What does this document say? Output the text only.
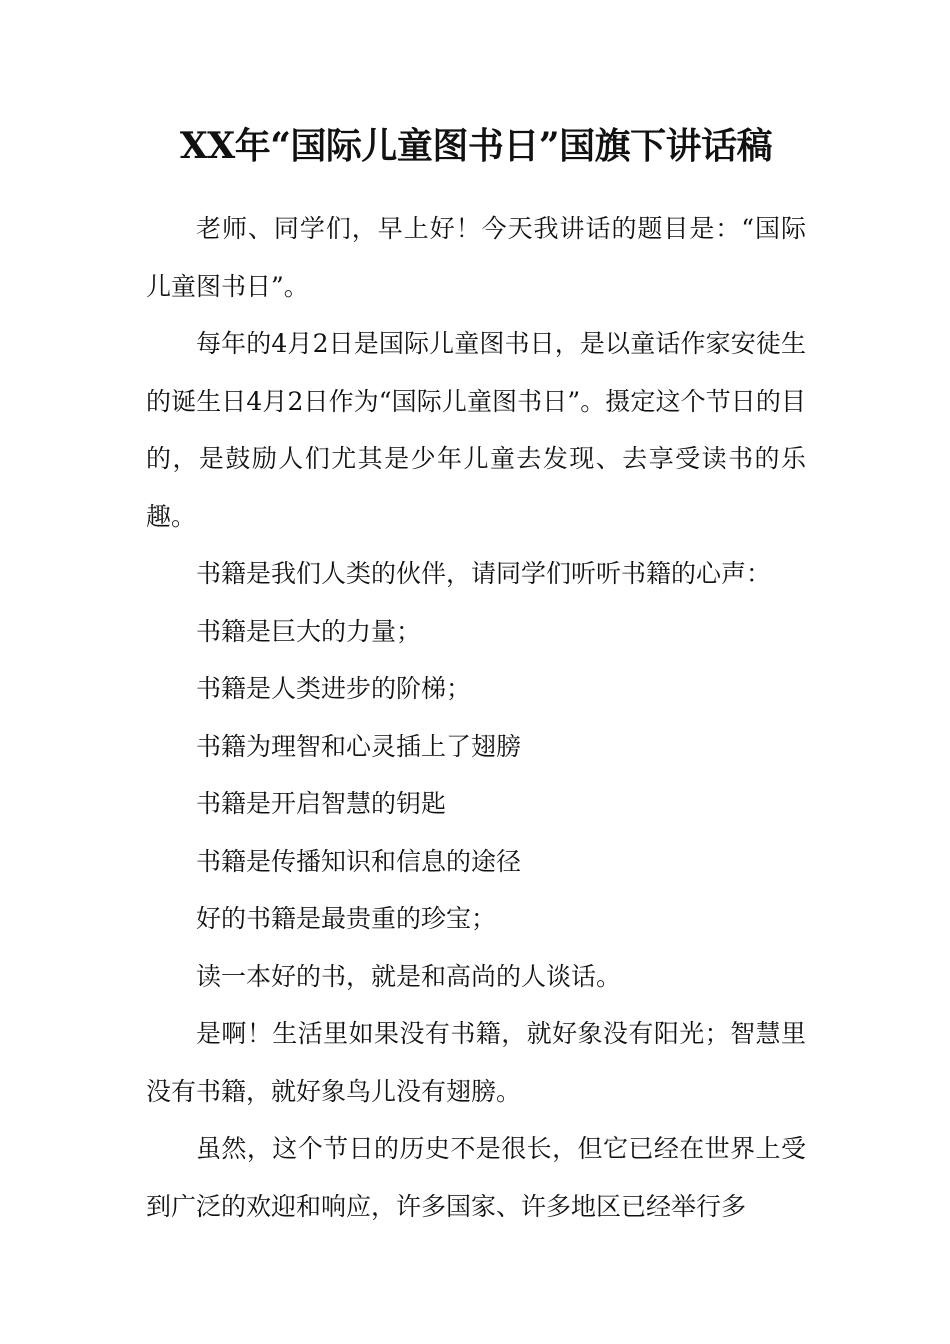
XX年“国际儿童图书日”国旗下讲话稿

老师、同学们，早上好！今天我讲话的题目是：“国际儿童图书日”。

每年的4月2日是国际儿童图书日，是以童话作家安徒生的诞生日4月2日作为“国际儿童图书日”。摄定这个节日的目的，是鼓励人们尤其是少年儿童去发现、去享受读书的乐趣。

书籍是我们人类的伙伴，请同学们听听书籍的心声：

书籍是巨大的力量；

书籍是人类进步的阶梯；

书籍为理智和心灵插上了翅膀

书籍是开启智慧的钥匙

书籍是传播知识和信息的途径

好的书籍是最贵重的珍宝；

读一本好的书，就是和高尚的人谈话。

是啊！生活里如果没有书籍，就好象没有阳光；智慧里没有书籍，就好象鸟儿没有翅膀。

虽然，这个节日的历史不是很长，但它已经在世界上受到广泛的欢迎和响应，许多国家、许多地区已经举行多
